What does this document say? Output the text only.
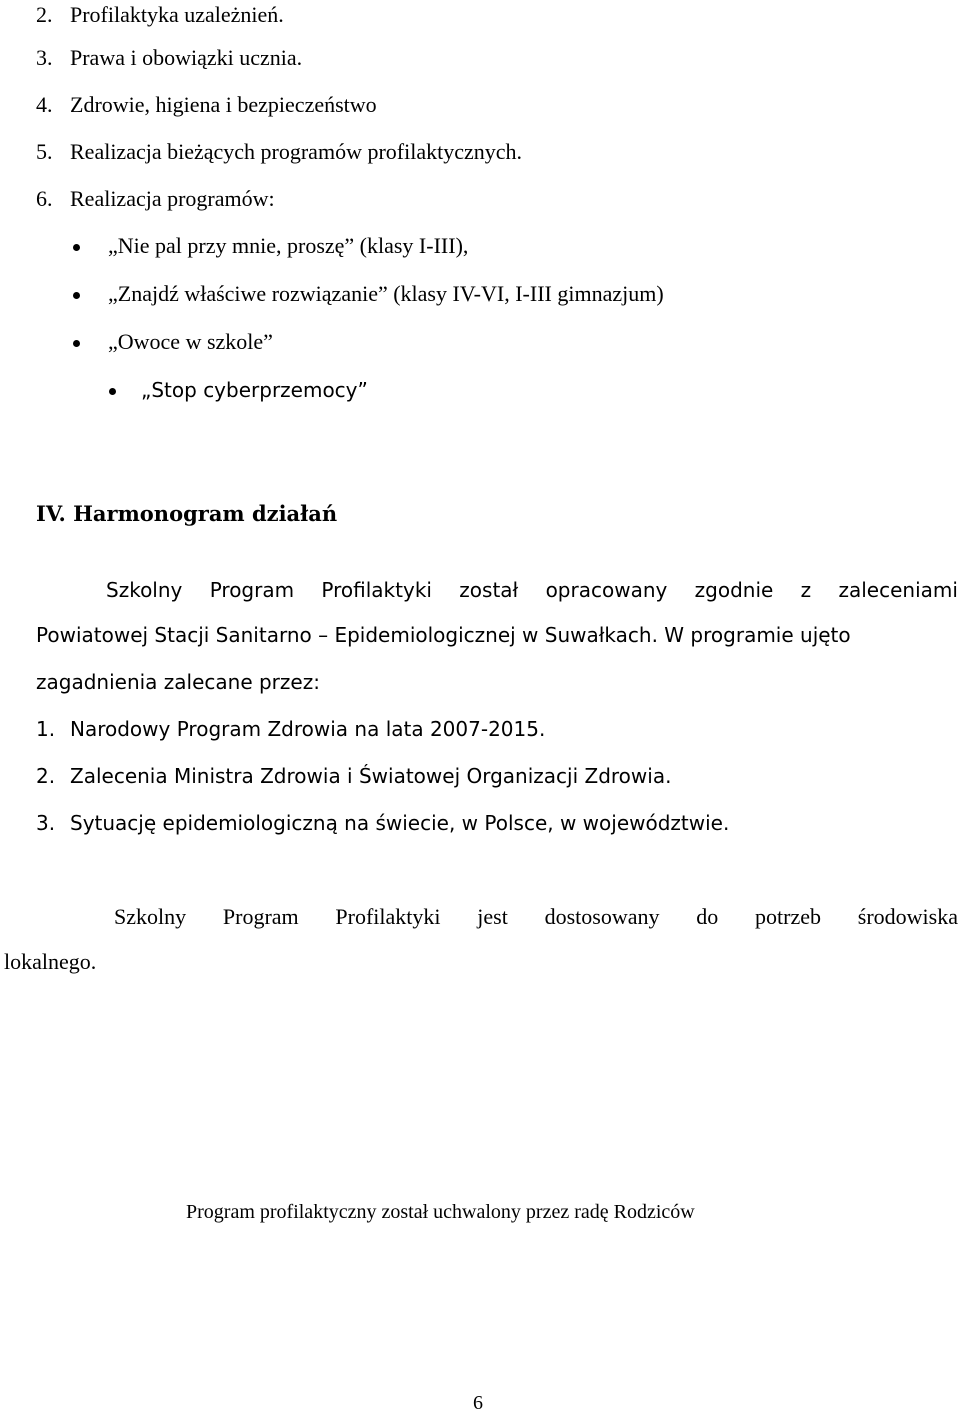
2. Profilaktyka uzależnień.
3. Prawa i obowiązki ucznia.
4. Zdrowie, higiena i bezpieczeństwo
5. Realizacja bieżących programów profilaktycznych.
6. Realizacja programów:
„Nie pal przy mnie, proszę” (klasy I-III),
„Znajdź właściwe rozwiązanie” (klasy IV-VI, I-III gimnazjum)
„Owoce w szkole”
„Stop cyberprzemocy”
IV. Harmonogram działań
Szkolny Program Profilaktyki został opracowany zgodnie z zaleceniami
Powiatowej Stacji Sanitarno – Epidemiologicznej w Suwałkach. W programie ujęto
zagadnienia zalecane przez:
1. Narodowy Program Zdrowia na lata 2007-2015.
2. Zalecenia Ministra Zdrowia i Światowej Organizacji Zdrowia.
3. Sytuację epidemiologiczną na świecie, w Polsce, w województwie.
Szkolny Program Profilaktyki jest dostosowany do potrzeb środowiska
lokalnego.
Program profilaktyczny został uchwalony przez radę Rodziców
6
